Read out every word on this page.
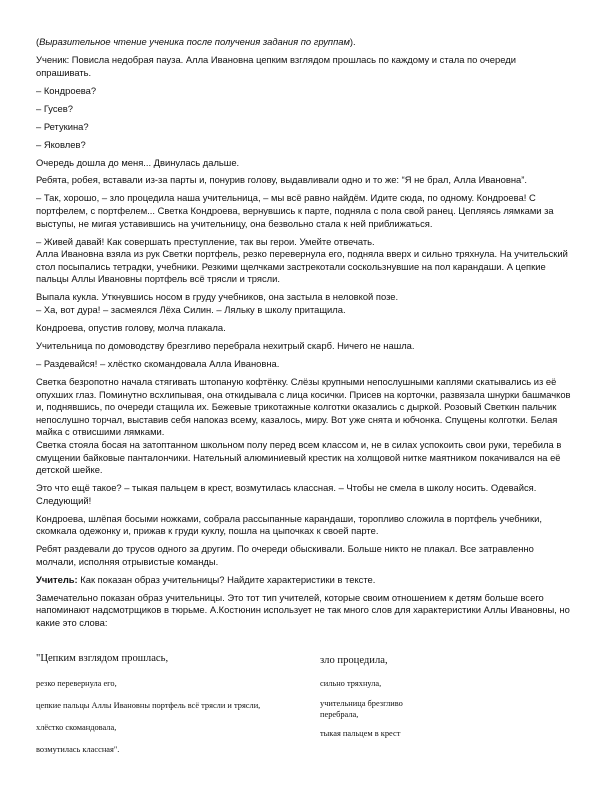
(Выразительное чтение ученика после получения задания по группам).

Ученик: Повисла недобрая пауза. Алла Ивановна цепким взглядом прошлась по каждому и стала по очереди опрашивать.

– Кондроева?

– Гусев?

– Ретукина?

– Яковлев?

Очередь дошла до меня... Двинулась дальше.

Ребята, робея, вставали из-за парты и, понурив голову, выдавливали одно и то же: “Я не брал, Алла Ивановна”.

– Так, хорошо, – зло процедила наша учительница, – мы всё равно найдём. Идите сюда, по одному. Кондроева! С портфелем, с портфелем... Светка Кондроева, вернувшись к парте, подняла с пола свой ранец. Цепляясь лямками за выступы, не мигая уставившись на учительницу, она безвольно стала к ней приближаться.

– Живей давай! Как совершать преступление, так вы герои. Умейте отвечать.

Алла Ивановна взяла из рук Светки портфель, резко перевернула его, подняла вверх и сильно тряхнула. На учительский стол посыпались тетрадки, учебники. Резкими щелчками застрекотали соскользнувшие на пол карандаши. А цепкие пальцы Аллы Ивановны портфель всё трясли и трясли.

Выпала кукла. Уткнувшись носом в груду учебников, она застыла в неловкой позе.

– Ха, вот дура! – засмеялся Лёха Силин. – Ляльку в школу притащила.

Кондроева, опустив голову, молча плакала.

Учительница по домоводству брезгливо перебрала нехитрый скарб. Ничего не нашла.

– Раздевайся! – хлёстко скомандовала Алла Ивановна.

Светка безропотно начала стягивать штопаную кофтёнку. Слёзы крупными непослушными каплями скатывались из её опухших глаз. Поминутно всхлипывая, она откидывала с лица косички. Присев на корточки, развязала шнурки башмачков и, поднявшись, по очереди стащила их. Бежевые трикотажные колготки оказались с дыркой. Розовый Светкин пальчик непослушно торчал, выставив себя напоказ всему, казалось, миру. Вот уже снята и юбчонка. Спущены колготки. Белая майка с отвисшими лямками.

Светка стояла босая на затоптанном школьном полу перед всем классом и, не в силах успокоить свои руки, теребила в смущении байковые панталончики. Нательный алюминиевый крестик на холщовой нитке маятником покачивался на её детской шейке.

Это что ещё такое? – тыкая пальцем в крест, возмутилась классная. – Чтобы не смела в школу носить. Одевайся. Следующий!

Кондроева, шлёпая босыми ножками, собрала рассыпанные карандаши, торопливо сложила в портфель учебники, скомкала одежонку и, прижав к груди куклу, пошла на цыпочках к своей парте.

Ребят раздевали до трусов одного за другим. По очереди обыскивали. Больше никто не плакал. Все затравленно молчали, исполняя отрывистые команды.

Учитель: Как показан образ учительницы? Найдите характеристики в тексте.

Замечательно показан образ учительницы. Это тот тип учителей, которые своим отношением к детям больше всего напоминают надсмотрщиков в тюрьме. А.Костюнин использует не так много слов для характеристики Аллы Ивановны, но какие это слова:

"Цепким взглядом прошлась,
резко перевернула его,
цепкие пальцы Аллы Ивановны портфель всё трясли и трясли,
хлёстко скомандовала,
возмутилась классная".
зло процедила,
сильно тряхнула,
учительница брезгливо перебрала,
тыкая пальцем в крест
